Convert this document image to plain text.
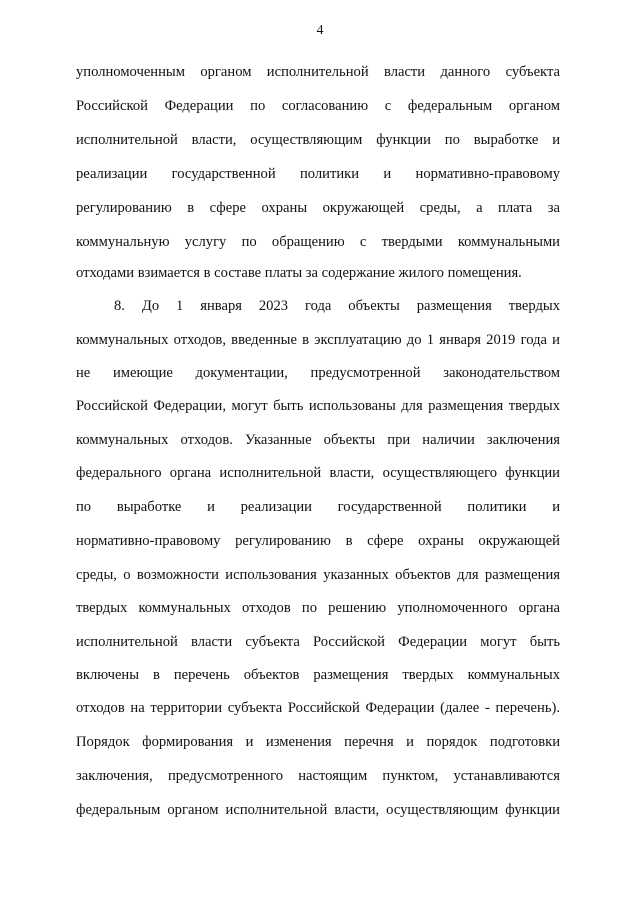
4
уполномоченным органом исполнительной власти данного субъекта
Российской Федерации по согласованию с федеральным органом
исполнительной власти, осуществляющим функции по выработке и
реализации государственной политики и нормативно-правовому
регулированию в сфере охраны окружающей среды, а плата за
коммунальную услугу по обращению с твердыми коммунальными
отходами взимается в составе платы за содержание жилого помещения.
8. До 1 января 2023 года объекты размещения твердых
коммунальных отходов, введенные в эксплуатацию до 1 января 2019 года и
не имеющие документации, предусмотренной законодательством
Российской Федерации, могут быть использованы для размещения твердых
коммунальных отходов. Указанные объекты при наличии заключения
федерального органа исполнительной власти, осуществляющего функции
по выработке и реализации государственной политики и
нормативно-правовому регулированию в сфере охраны окружающей
среды, о возможности использования указанных объектов для размещения
твердых коммунальных отходов по решению уполномоченного органа
исполнительной власти субъекта Российской Федерации могут быть
включены в перечень объектов размещения твердых коммунальных
отходов на территории субъекта Российской Федерации (далее - перечень).
Порядок формирования и изменения перечня и порядок подготовки
заключения, предусмотренного настоящим пунктом, устанавливаются
федеральным органом исполнительной власти, осуществляющим функции
